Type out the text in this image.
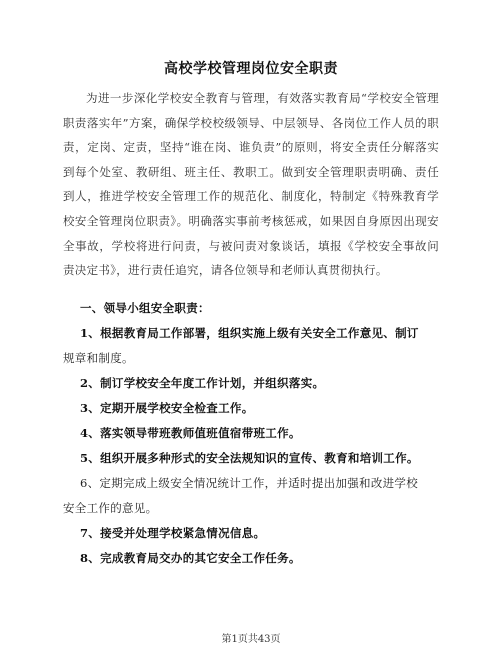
高校学校管理岗位安全职责

为进一步深化学校安全教育与管理，有效落实教育局“学校安全管理职责落实年”方案，确保学校校级领导、中层领导、各岗位工作人员的职责，定岗、定责，坚持“谁在岗、谁负责”的原则，将安全责任分解落实到每个处室、教研组、班主任、教职工。做到安全管理职责明确、责任到人，推进学校安全管理工作的规范化、制度化，特制定《特殊教育学校安全管理岗位职责》。明确落实事前考核惩戒，如果因自身原因出现安全事故，学校将进行问责，与被问责对象谈话，填报《学校安全事故问责决定书》，进行责任追究，请各位领导和老师认真贯彻执行。

一、领导小组安全职责：

1、根据教育局工作部署，组织实施上级有关安全工作意见、制订

规章和制度。

2、制订学校安全年度工作计划，并组织落实。

3、定期开展学校安全检查工作。

4、落实领导带班教师值班值宿带班工作。

5、组织开展多种形式的安全法规知识的宣传、教育和培训工作。

6、定期完成上级安全情况统计工作，并适时提出加强和改进学校

安全工作的意见。

7、接受并处理学校紧急情况信息。

8、完成教育局交办的其它安全工作任务。

第1页共43页
